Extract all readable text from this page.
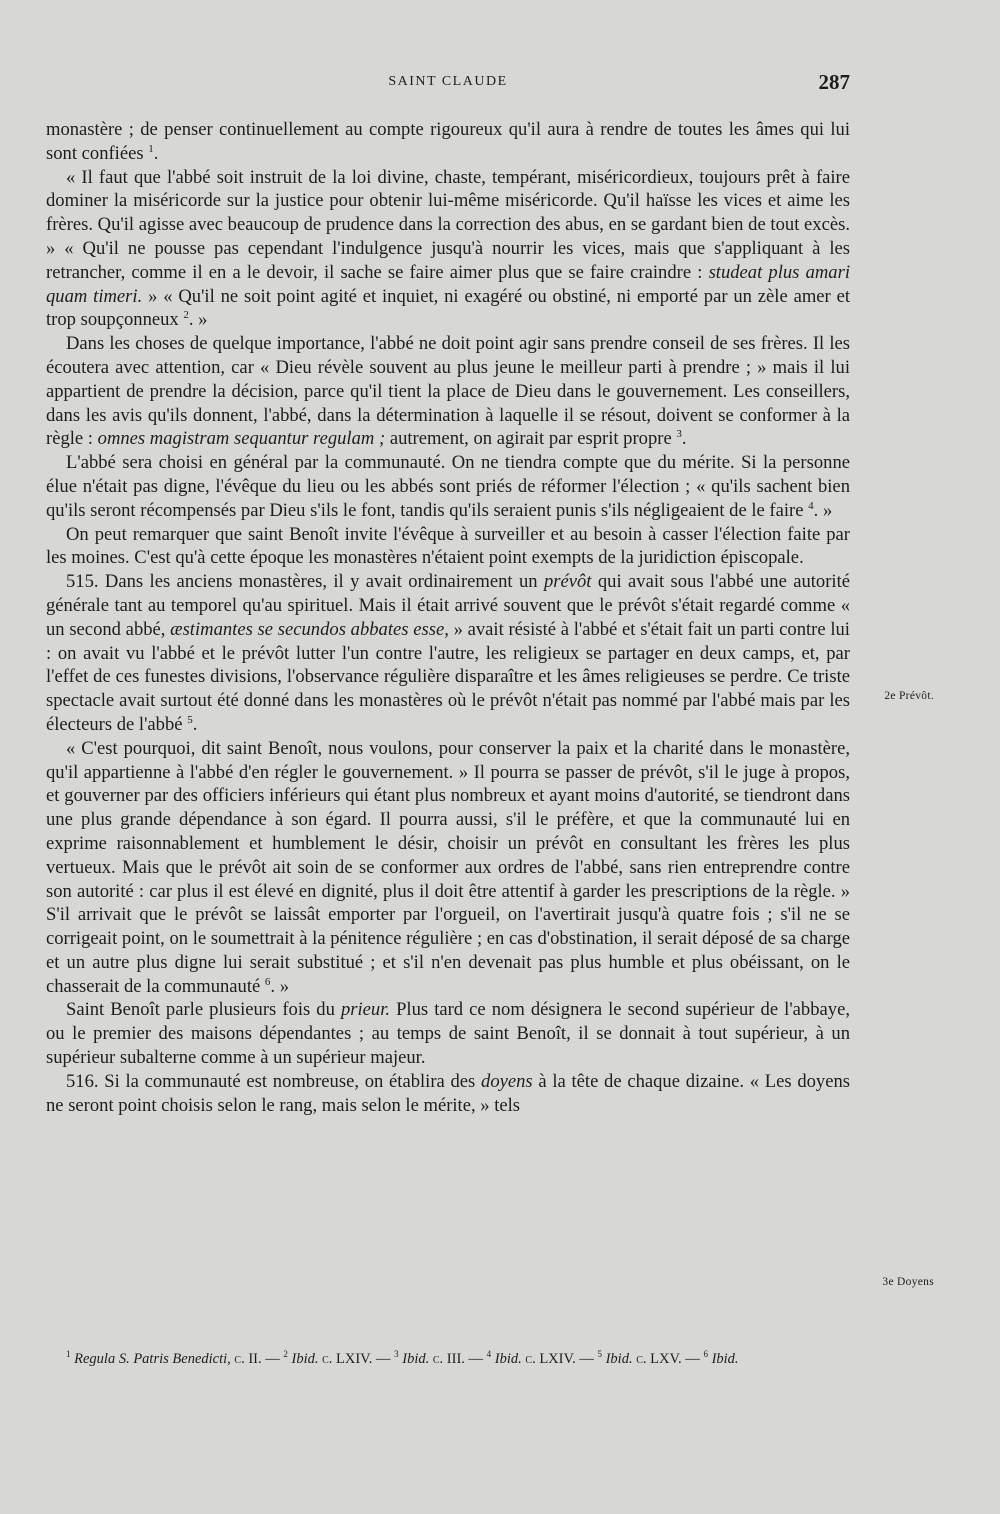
SAINT CLAUDE	287

monastère ; de penser continuellement au compte rigoureux qu'il aura à rendre de toutes les âmes qui lui sont confiées $^1$.

« Il faut que l'abbé soit instruit de la loi divine, chaste, tempérant, miséricordieux, toujours prêt à faire dominer la miséricorde sur la justice pour obtenir lui-même miséricorde. Qu'il haïsse les vices et aime les frères. Qu'il agisse avec beaucoup de prudence dans la correction des abus, en se gardant bien de tout excès. » « Qu'il ne pousse pas cependant l'indulgence jusqu'à nourrir les vices, mais que s'appliquant à les retrancher, comme il en a le devoir, il sache se faire aimer plus que se faire craindre : studeat plus amari quam timeri. » « Qu'il ne soit point agité et inquiet, ni exagéré ou obstiné, ni emporté par un zèle amer et trop soupçonneux $^2$. »

Dans les choses de quelque importance, l'abbé ne doit point agir sans prendre conseil de ses frères. Il les écoutera avec attention, car « Dieu révèle souvent au plus jeune le meilleur parti à prendre ; » mais il lui appartient de prendre la décision, parce qu'il tient la place de Dieu dans le gouvernement. Les conseillers, dans les avis qu'ils donnent, l'abbé, dans la détermination à laquelle il se résout, doivent se conformer à la règle : omnes magistram sequantur regulam ; autrement, on agirait par esprit propre $^3$.

L'abbé sera choisi en général par la communauté. On ne tiendra compte que du mérite. Si la personne élue n'était pas digne, l'évêque du lieu ou les abbés sont priés de réformer l'élection ; « qu'ils sachent bien qu'ils seront récompensés par Dieu s'ils le font, tandis qu'ils seraient punis s'ils négligeaient de le faire $^4$. »

On peut remarquer que saint Benoît invite l'évêque à surveiller et au besoin à casser l'élection faite par les moines. C'est qu'à cette époque les monastères n'étaient point exempts de la juridiction épiscopale.

515. Dans les anciens monastères, il y avait ordinairement un prévôt qui avait sous l'abbé une autorité générale tant au temporel qu'au spirituel. Mais il était arrivé souvent que le prévôt s'était regardé comme « un second abbé, æstimantes se secundos abbates esse, » avait résisté à l'abbé et s'était fait un parti contre lui : on avait vu l'abbé et le prévôt lutter l'un contre l'autre, les religieux se partager en deux camps, et, par l'effet de ces funestes divisions, l'observance régulière disparaître et les âmes religieuses se perdre. Ce triste spectacle avait surtout été donné dans les monastères où le prévôt n'était pas nommé par l'abbé mais par les électeurs de l'abbé $^5$.

« C'est pourquoi, dit saint Benoît, nous voulons, pour conserver la paix et la charité dans le monastère, qu'il appartienne à l'abbé d'en régler le gouvernement. » Il pourra se passer de prévôt, s'il le juge à propos, et gouverner par des officiers inférieurs qui étant plus nombreux et ayant moins d'autorité, se tiendront dans une plus grande dépendance à son égard. Il pourra aussi, s'il le préfère, et que la communauté lui en exprime raisonnablement et humblement le désir, choisir un prévôt en consultant les frères les plus vertueux. Mais que le prévôt ait soin de se conformer aux ordres de l'abbé, sans rien entreprendre contre son autorité : car plus il est élevé en dignité, plus il doit être attentif à garder les prescriptions de la règle. » S'il arrivait que le prévôt se laissât emporter par l'orgueil, on l'avertirait jusqu'à quatre fois ; s'il ne se corrigeait point, on le soumettrait à la pénitence régulière ; en cas d'obstination, il serait déposé de sa charge et un autre plus digne lui serait substitué ; et s'il n'en devenait pas plus humble et plus obéissant, on le chasserait de la communauté $^6$. »

Saint Benoît parle plusieurs fois du prieur. Plus tard ce nom désignera le second supérieur de l'abbaye, ou le premier des maisons dépendantes ; au temps de saint Benoît, il se donnait à tout supérieur, à un supérieur subalterne comme à un supérieur majeur.

516. Si la communauté est nombreuse, on établira des doyens à la tête de chaque dizaine. « Les doyens ne seront point choisis selon le rang, mais selon le mérite, » tels

2e Prévôt.
3e Doyens

$^1$ Regula S. Patris Benedicti, c. II. — $^2$ Ibid. c. LXIV. — $^3$ Ibid. c. III. — $^4$ Ibid. c. LXIV. — $^5$ Ibid. c. LXV. — $^6$ Ibid.
